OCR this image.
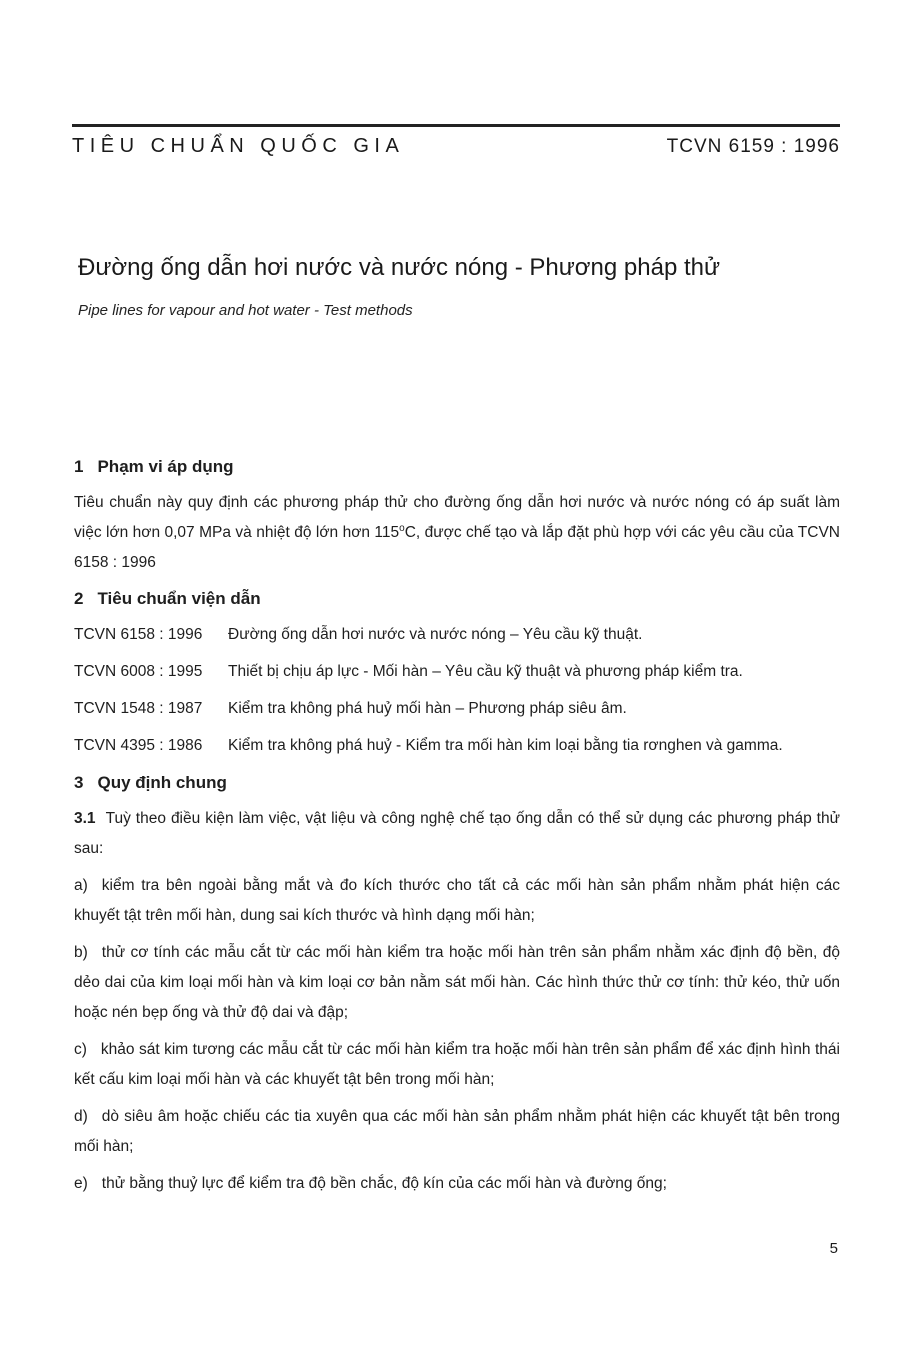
TIÊU CHUẨN QUỐC GIA	TCVN 6159 : 1996
Đường ống dẫn hơi nước và nước nóng - Phương pháp thử
Pipe lines for vapour and hot water - Test methods
1 Phạm vi áp dụng

Tiêu chuẩn này quy định các phương pháp thử cho đường ống dẫn hơi nước và nước nóng có áp suất làm việc lớn hơn 0,07 MPa và nhiệt độ lớn hơn 115$^o$C, được chế tạo và lắp đặt phù hợp với các yêu cầu của TCVN 6158 : 1996

2 Tiêu chuẩn viện dẫn
TCVN 6158 : 1996	Đường ống dẫn hơi nước và nước nóng – Yêu cầu kỹ thuật.
TCVN 6008 : 1995	Thiết bị chịu áp lực - Mối hàn – Yêu cầu kỹ thuật và phương pháp kiểm tra.
TCVN 1548 : 1987	Kiểm tra không phá huỷ mối hàn – Phương pháp siêu âm.
TCVN 4395 : 1986	Kiểm tra không phá huỷ - Kiểm tra mối hàn kim loại bằng tia rơnghen và gamma.
3 Quy định chung

3.1 Tuỳ theo điều kiện làm việc, vật liệu và công nghệ chế tạo ống dẫn có thể sử dụng các phương pháp thử sau:

a) kiểm tra bên ngoài bằng mắt và đo kích thước cho tất cả các mối hàn sản phẩm nhằm phát hiện các khuyết tật trên mối hàn, dung sai kích thước và hình dạng mối hàn;

b) thử cơ tính các mẫu cắt từ các mối hàn kiểm tra hoặc mối hàn trên sản phẩm nhằm xác định độ bền, độ dẻo dai của kim loại mối hàn và kim loại cơ bản nằm sát mối hàn. Các hình thức thử cơ tính: thử kéo, thử uốn hoặc nén bẹp ống và thử độ dai và đập;

c) khảo sát kim tương các mẫu cắt từ các mối hàn kiểm tra hoặc mối hàn trên sản phẩm để xác định hình thái kết cấu kim loại mối hàn và các khuyết tật bên trong mối hàn;

d) dò siêu âm hoặc chiếu các tia xuyên qua các mối hàn sản phẩm nhằm phát hiện các khuyết tật bên trong mối hàn;

e) thử bằng thuỷ lực để kiểm tra độ bền chắc, độ kín của các mối hàn và đường ống;

5
